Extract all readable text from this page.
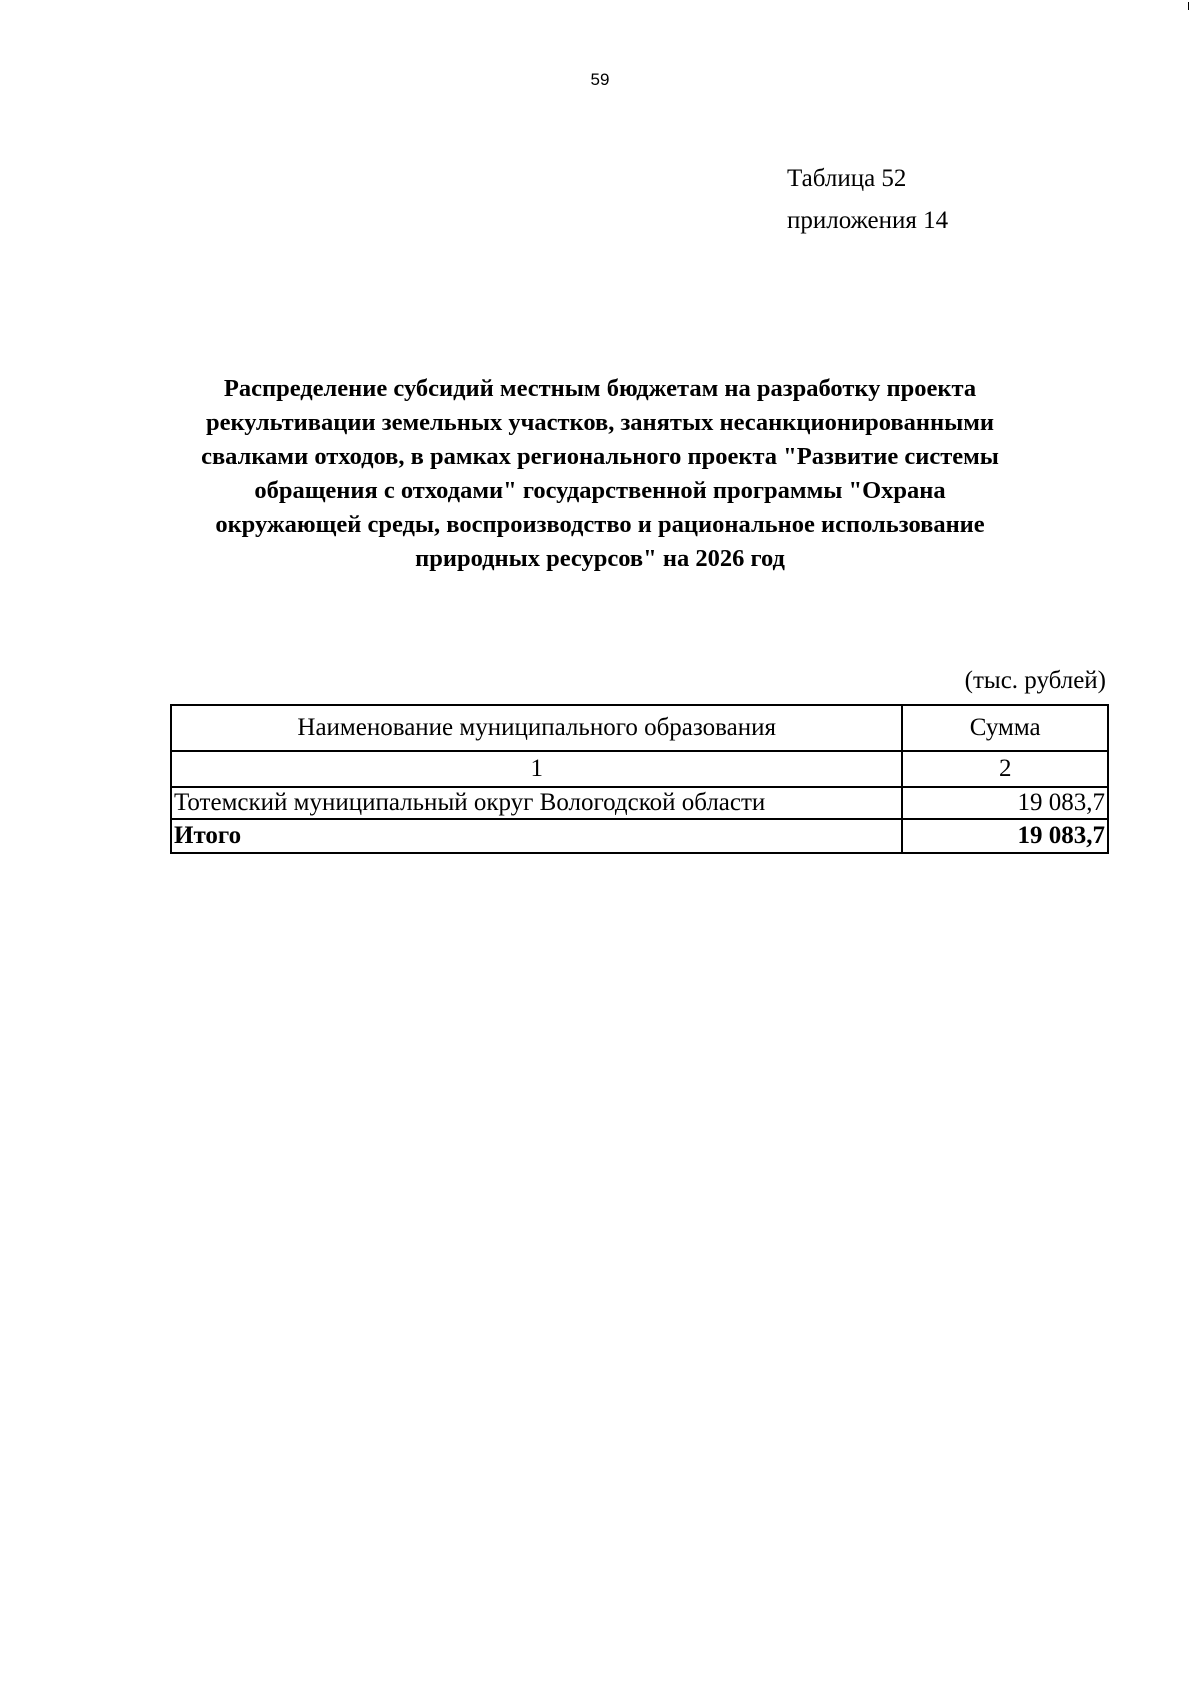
59
Таблица 52
приложения 14
Распределение субсидий местным бюджетам на разработку проекта
рекультивации земельных участков, занятых несанкционированными
свалками отходов, в рамках регионального проекта "Развитие системы
обращения с отходами" государственной программы "Охрана
окружающей среды, воспроизводство и рациональное использование
природных ресурсов" на 2026 год
(тыс. рублей)
Наименование муниципального образования	Сумма
1	2
Тотемский муниципальный округ Вологодской области	19 083,7
Итого	19 083,7
